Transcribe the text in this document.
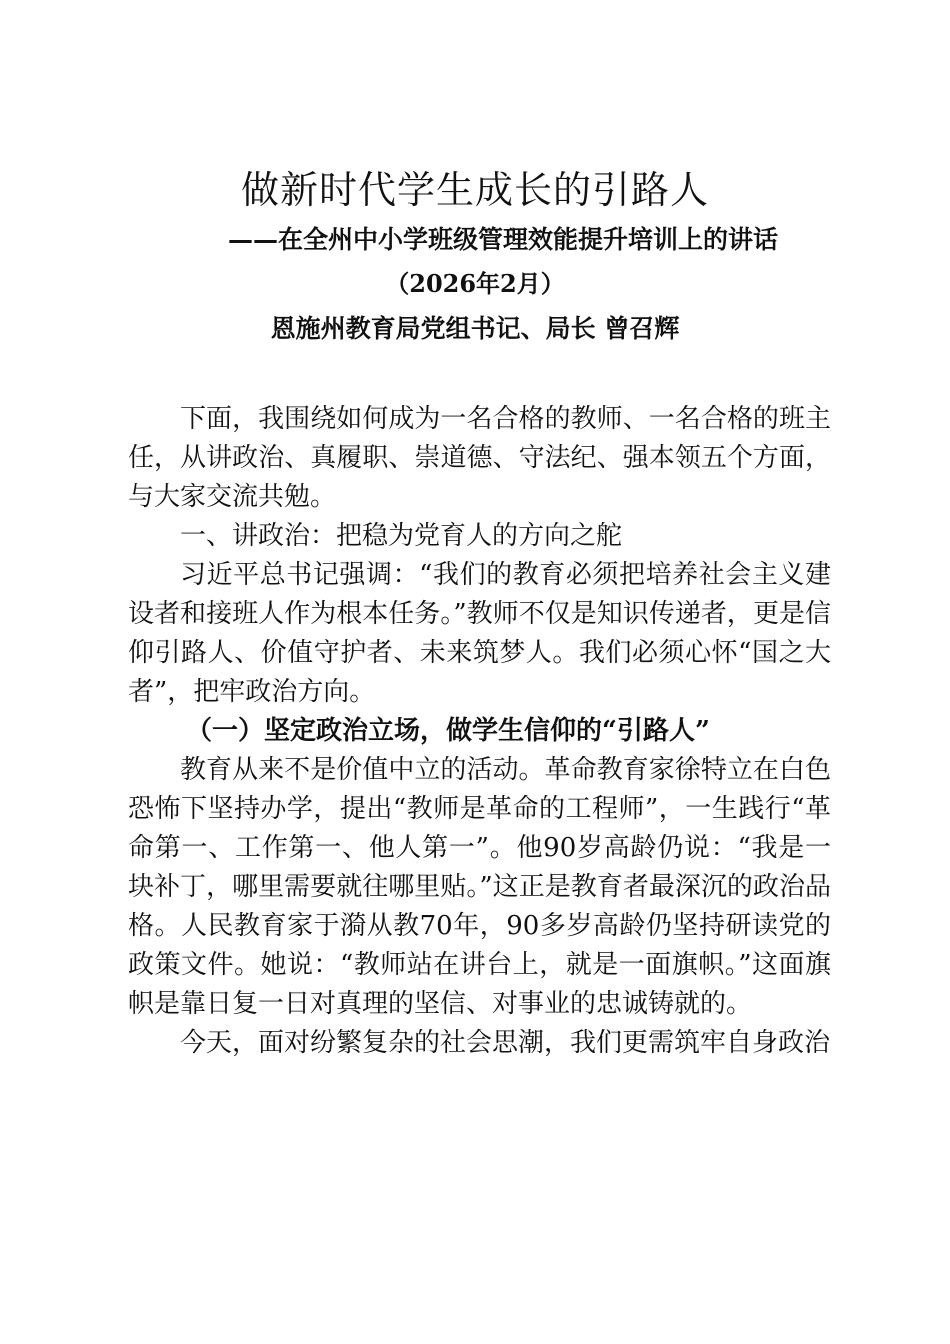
做新时代学生成长的引路人
——在全州中小学班级管理效能提升培训上的讲话
（2026年2月）
恩施州教育局党组书记、局长 曾召辉

下面，我围绕如何成为一名合格的教师、一名合格的班主任，从讲政治、真履职、崇道德、守法纪、强本领五个方面，与大家交流共勉。

一、讲政治：把稳为党育人的方向之舵

习近平总书记强调：“我们的教育必须把培养社会主义建设者和接班人作为根本任务。”教师不仅是知识传递者，更是信仰引路人、价值守护者、未来筑梦人。我们必须心怀“国之大者”，把牢政治方向。

（一）坚定政治立场，做学生信仰的“引路人”

教育从来不是价值中立的活动。革命教育家徐特立在白色恐怖下坚持办学，提出“教师是革命的工程师”，一生践行“革命第一、工作第一、他人第一”。他90岁高龄仍说：“我是一块补丁，哪里需要就往哪里贴。”这正是教育者最深沉的政治品格。人民教育家于漪从教70年，90多岁高龄仍坚持研读党的政策文件。她说：“教师站在讲台上，就是一面旗帜。”这面旗帜是靠日复一日对真理的坚信、对事业的忠诚铸就的。

今天，面对纷繁复杂的社会思潮，我们更需筑牢自身政治
